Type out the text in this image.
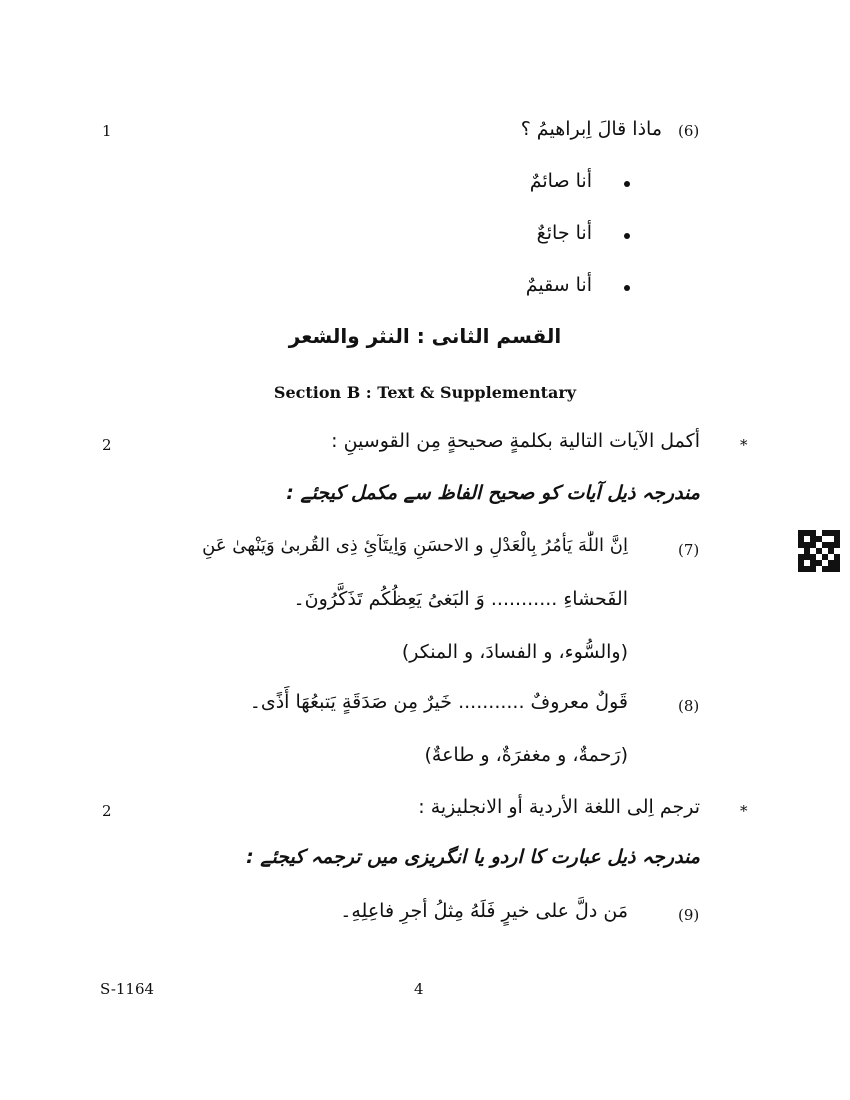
1	(6)
ماذا قالَ اِبراهيمُ ؟
أنا صائمٌ
أنا جائعٌ
أنا سقيمٌ
القسم الثانی : النثر والشعر
Section B : Text & Supplementary
*
2	أكمل الآيات التالية بكلمةٍ صحيحةٍ مِن القوسينِ :
مندرجہ ذیل آیات کو صحیح الفاظ سے مکمل کیجئے :
(7)
اِنَّ اللّٰهَ يَأمُرُ بِالْعَدْلِ و الاحسَنِ وَاِيتَآئِ ذِی القُربىٰ وَيَنْهىٰ عَنِ
الفَحشاءِ ........... وَ البَغیُ يَعِظُكُم تَذَكَّرُونَ۔
(والسُّوء، و الفسادَ، و المنكر)
(8)
قَولٌ معروفٌ ........... خَيرٌ مِن صَدَقَةٍ يَتبعُهَا أَذًى۔
(رَحمةٌ، و مغفرَةٌ، و طاعةٌ)
*
2	ترجم اِلى اللغة الأردية أو الانجليزية :
مندرجہ ذیل عبارت کا اردو یا انگریزی میں ترجمہ کیجئے :
(9)
مَن دلَّ على خيرٍ فَلَهُ مِثلُ أجرِ فاعِلِهِ۔
S-1164	4
